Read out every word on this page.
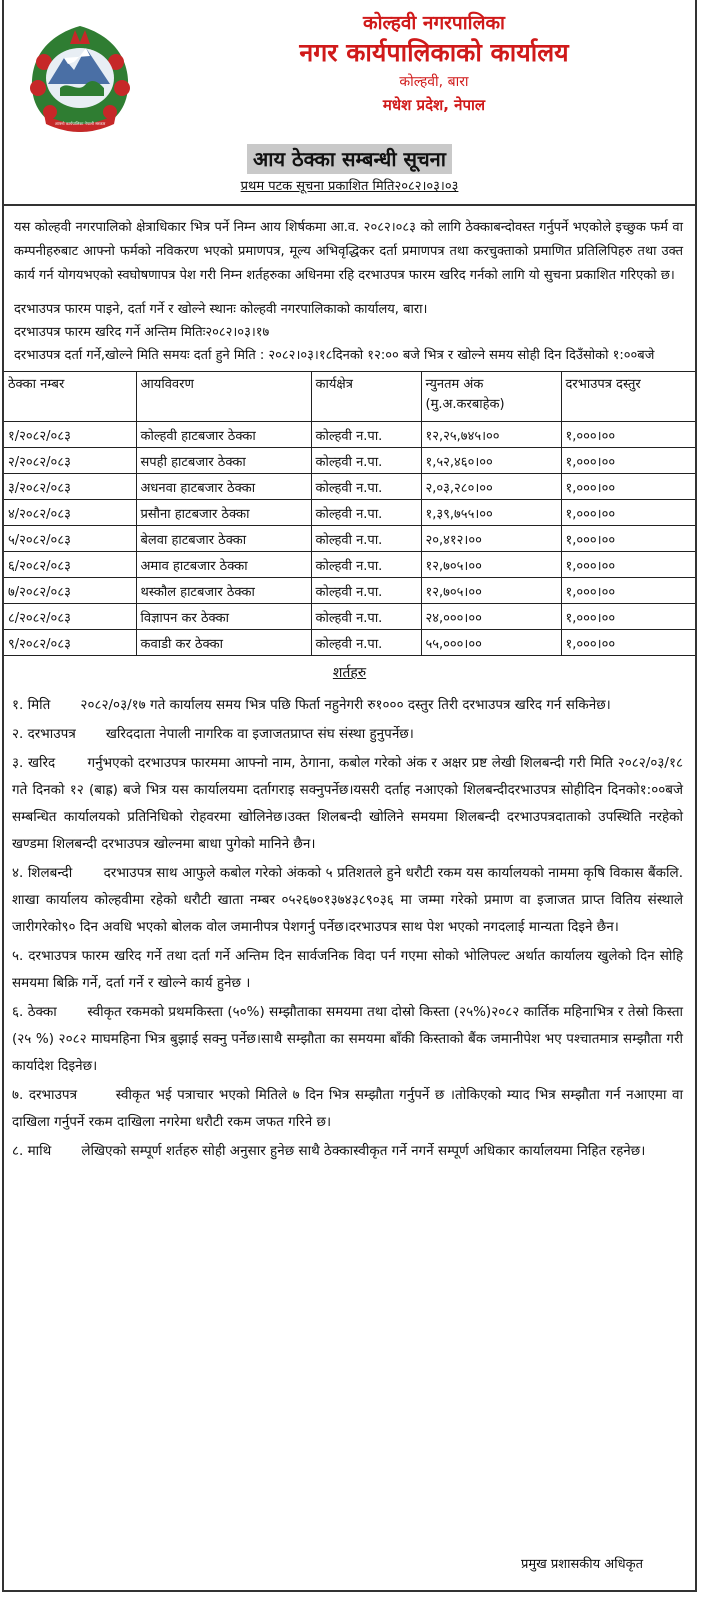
आफ्नो कार्यपालिका नेपाली सरकार
कोल्हवी नगरपालिका
नगर कार्यपालिकाको कार्यालय
कोल्हवी, बारा
मधेश प्रदेश, नेपाल
आय ठेक्का सम्बन्धी सूचना
प्रथम पटक सूचना प्रकाशित मिति२०८२।०३।०३
यस कोल्हवी नगरपालिको क्षेत्राधिकार भित्र पर्ने निम्न आय शिर्षकमा आ.व. २०८२।०८३ को लागि ठेक्काबन्दोवस्त गर्नुपर्ने भएकोले इच्छुक फर्म वा कम्पनीहरुबाट आफ्नो फर्मको नविकरण भएको प्रमाणपत्र, मूल्य अभिवृद्धिकर दर्ता प्रमाणपत्र तथा करचुक्ताको प्रमाणित प्रतिलिपिहरु तथा उक्त कार्य गर्न योगयभएको स्वघोषणापत्र पेश गरी निम्न शर्तहरुका अधिनमा रहि दरभाउपत्र फारम खरिद गर्नको लागि यो सुचना प्रकाशित गरिएको छ।
दरभाउपत्र फारम पाइने, दर्ता गर्ने र खोल्ने स्थानः कोल्हवी नगरपालिकाको कार्यालय, बारा।
दरभाउपत्र फारम खरिद गर्ने अन्तिम मितिः२०८२।०३।१७
दरभाउपत्र दर्ता गर्ने,खोल्ने मिति समयः दर्ता हुने मिति : २०८२।०३।१८दिनको १२:०० बजे भित्र र खोल्ने समय सोही दिन दिउँसोको १:००बजे
ठेक्का नम्बर	आयविवरण	कार्यक्षेत्र	न्युनतम अंक (मु.अ.करबाहेक)	दरभाउपत्र दस्तुर
१/२०८२/०८३	कोल्हवी हाटबजार ठेक्का	कोल्हवी न.पा.	१२,२५,७४५।००	१,०००।००
२/२०८२/०८३	सपही हाटबजार ठेक्का	कोल्हवी न.पा.	१,५२,४६०।००	१,०००।००
३/२०८२/०८३	अधनवा हाटबजार ठेक्का	कोल्हवी न.पा.	२,०३,२८०।००	१,०००।००
४/२०८२/०८३	प्रसौना हाटबजार ठेक्का	कोल्हवी न.पा.	१,३९,७५५।००	१,०००।००
५/२०८२/०८३	बेलवा हाटबजार ठेक्का	कोल्हवी न.पा.	२०,४१२।००	१,०००।००
६/२०८२/०८३	अमाव हाटबजार ठेक्का	कोल्हवी न.पा.	१२,७०५।००	१,०००।००
७/२०८२/०८३	थस्कौल हाटबजार ठेक्का	कोल्हवी न.पा.	१२,७०५।००	१,०००।००
८/२०८२/०८३	विज्ञापन कर ठेक्का	कोल्हवी न.पा.	२४,०००।००	१,०००।००
९/२०८२/०८३	कवाडी कर ठेक्का	कोल्हवी न.पा.	५५,०००।००	१,०००।००
शर्तहरु
१. मिति २०८२/०३/१७ गते कार्यालय समय भित्र पछि फिर्ता नहुनेगरी रु१००० दस्तुर तिरी दरभाउपत्र खरिद गर्न सकिनेछ।
२. दरभाउपत्र खरिददाता नेपाली नागरिक वा इजाजतप्राप्त संघ संस्था हुनुपर्नेछ।
३. खरिद गर्नुभएको दरभाउपत्र फारममा आफ्नो नाम, ठेगाना, कबोल गरेको अंक र अक्षर प्रष्ट लेखी शिलबन्दी गरी मिति २०८२/०३/१८ गते दिनको १२ (बाह्र) बजे भित्र यस कार्यालयमा दर्तागराइ सक्नुपर्नेछ।यसरी दर्ताह नआएको शिलबन्दीदरभाउपत्र सोहीदिन दिनको१:००बजे सम्बन्धित कार्यालयको प्रतिनिधिको रोहवरमा खोलिनेछ।उक्त शिलबन्दी खोलिने समयमा शिलबन्दी दरभाउपत्रदाताको उपस्थिति नरहेको खण्डमा शिलबन्दी दरभाउपत्र खोल्नमा बाधा पुगेको मानिने छैन।
४. शिलबन्दी दरभाउपत्र साथ आफुले कबोल गरेको अंकको ५ प्रतिशतले हुने धरौटी रकम यस कार्यालयको नाममा कृषि विकास बैंकलि. शाखा कार्यालय कोल्हवीमा रहेको धरौटी खाता नम्बर ०५२६७०१३७४३८९०३६ मा जम्मा गरेको प्रमाण वा इजाजत प्राप्त वितिय संस्थाले जारीगरेको९० दिन अवधि भएको बोलक वोल जमानीपत्र पेशगर्नु पर्नेछ।दरभाउपत्र साथ पेश भएको नगदलाई मान्यता दिइने छैन।
५. दरभाउपत्र फारम खरिद गर्ने तथा दर्ता गर्ने अन्तिम दिन सार्वजनिक विदा पर्न गएमा सोको भोलिपल्ट अर्थात कार्यालय खुलेको दिन सोहि समयमा बिक्रि गर्ने, दर्ता गर्ने र खोल्ने कार्य हुनेछ ।
६. ठेक्का स्वीकृत रकमको प्रथमकिस्ता (५०%) सम्झौताका समयमा तथा दोस्रो किस्ता (२५%)२०८२ कार्तिक महिनाभित्र र तेस्रो किस्ता (२५ %) २०८२ माघमहिना भित्र बुझाई सक्नु पर्नेछ।साथै सम्झौता का समयमा बाँकी किस्ताको बैंक जमानीपेश भए पश्चातमात्र सम्झौता गरी कार्यादेश दिइनेछ।
७. दरभाउपत्र	स्वीकृत भई पत्राचार भएको मितिले ७ दिन भित्र सम्झौता गर्नुपर्ने छ ।तोकिएको म्याद भित्र सम्झौता गर्न नआएमा वा दाखिला गर्नुपर्ने रकम दाखिला नगरेमा धरौटी रकम जफत गरिने छ।
८. माथि लेखिएको सम्पूर्ण शर्तहरु सोही अनुसार हुनेछ साथै ठेक्कास्वीकृत गर्ने नगर्ने सम्पूर्ण अधिकार कार्यालयमा निहित रहनेछ।
प्रमुख प्रशासकीय अधिकृत
